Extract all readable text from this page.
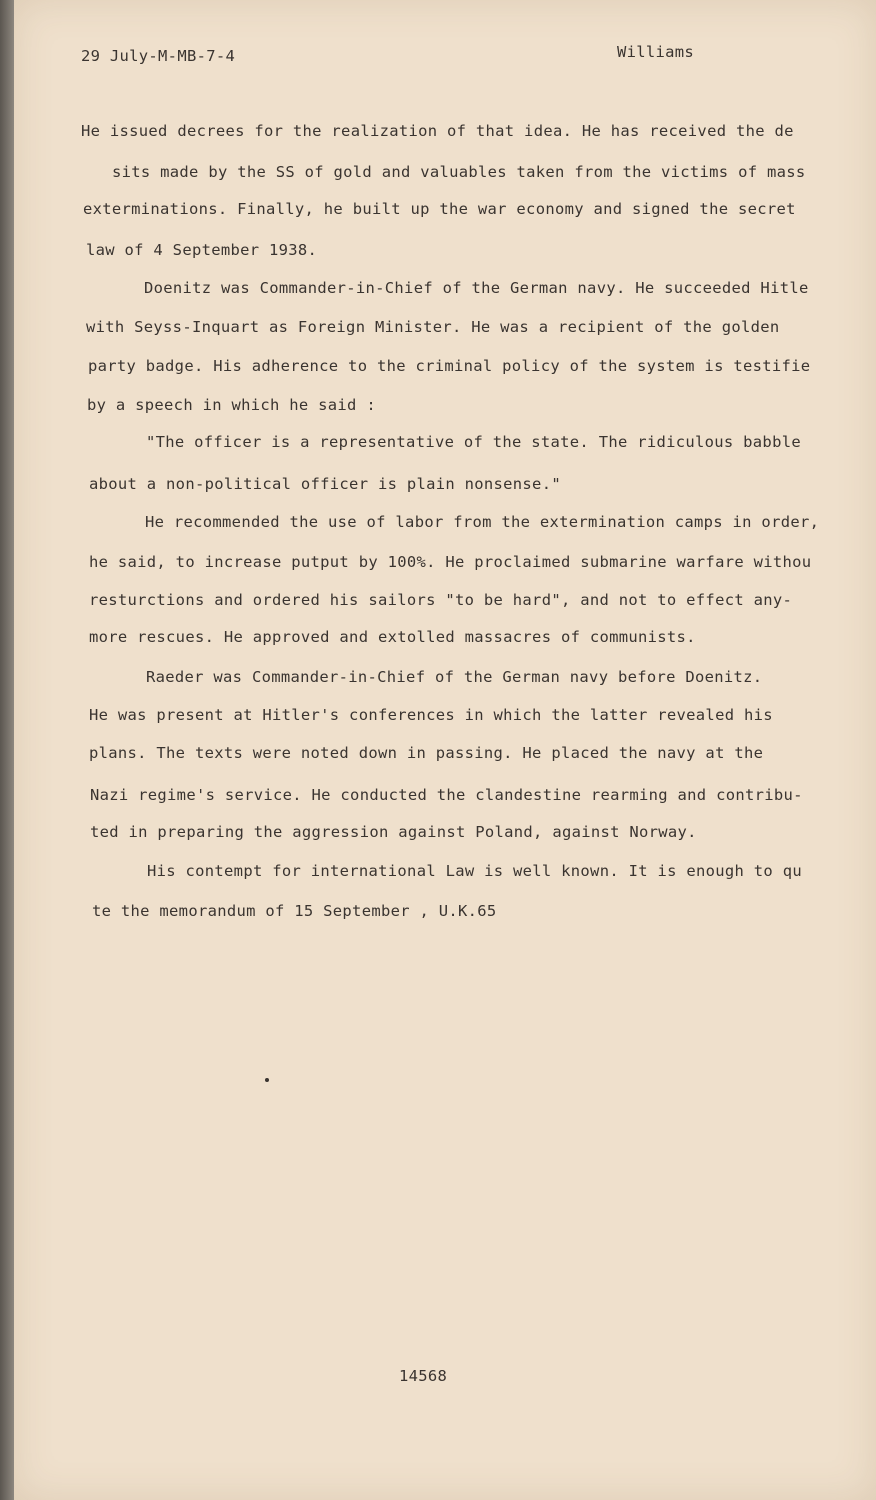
29 July-M-MB-7-4	Williams
He issued decrees for the realization of that idea. He has received the de
sits made by the SS of gold and valuables taken from the victims of mass
exterminations. Finally, he built up the war economy and signed the secret
law of 4 September 1938.
Doenitz was Commander-in-Chief of the German navy. He succeeded Hitle
with Seyss-Inquart as Foreign Minister. He was a recipient of the golden
party badge. His adherence to the criminal policy of the system is testifie
by a speech in which he said :
"The officer is a representative of the state. The ridiculous babble
about a non-political officer is plain nonsense."
He recommended the use of labor from the extermination camps in order,
he said, to increase putput by 100%. He proclaimed submarine warfare withou
resturctions and ordered his sailors "to be hard", and not to effect any-
more rescues. He approved and extolled massacres of communists.
Raeder was Commander-in-Chief of the German navy before Doenitz.
He was present at Hitler's conferences in which the latter revealed his
plans. The texts were noted down in passing. He placed the navy at the
Nazi regime's service. He conducted the clandestine rearming and contribu-
ted in preparing the aggression against Poland, against Norway.
His contempt for international Law is well known. It is enough to qu
te the memorandum of 15 September , U.K.65
14568
